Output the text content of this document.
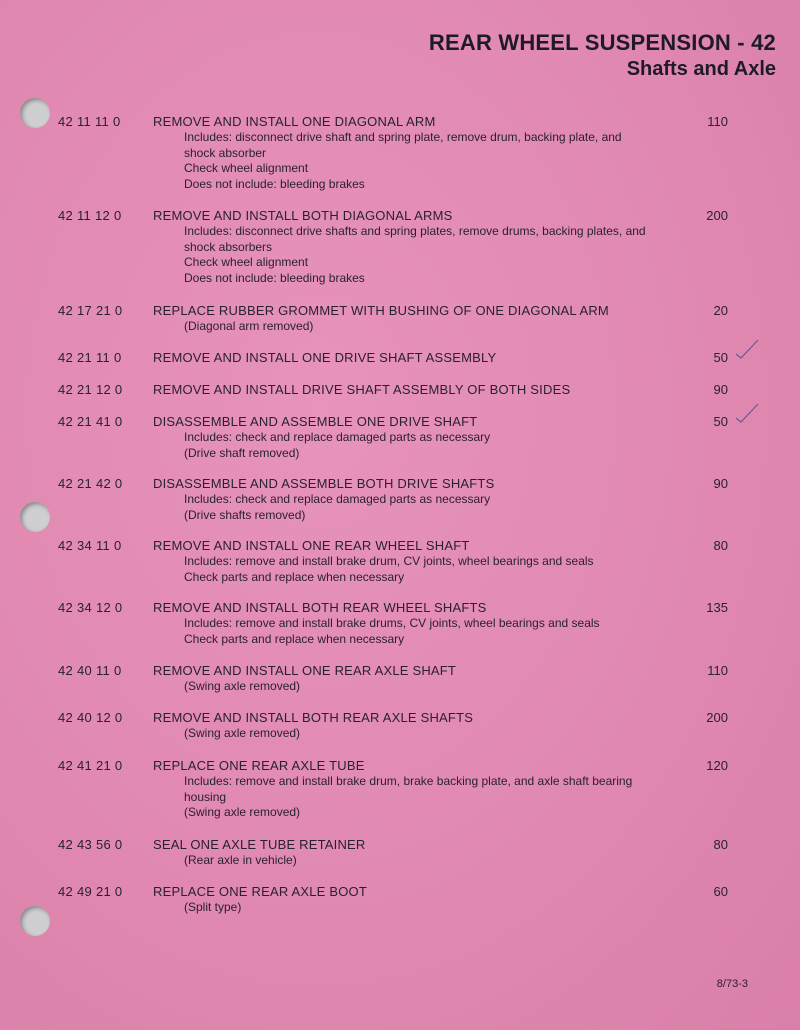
REAR WHEEL SUSPENSION - 42
Shafts and Axle
42 11 11 0 REMOVE AND INSTALL ONE DIAGONAL ARM	110
Includes: disconnect drive shaft and spring plate, remove drum, backing plate, and
shock absorber
Check wheel alignment
Does not include: bleeding brakes
42 11 12 0 REMOVE AND INSTALL BOTH DIAGONAL ARMS	200
Includes: disconnect drive shafts and spring plates, remove drums, backing plates, and
shock absorbers
Check wheel alignment
Does not include: bleeding brakes
42 17 21 0 REPLACE RUBBER GROMMET WITH BUSHING OF ONE DIAGONAL ARM	20
(Diagonal arm removed)
42 21 11 0 REMOVE AND INSTALL ONE DRIVE SHAFT ASSEMBLY	50
42 21 12 0 REMOVE AND INSTALL DRIVE SHAFT ASSEMBLY OF BOTH SIDES	90
42 21 41 0 DISASSEMBLE AND ASSEMBLE ONE DRIVE SHAFT	50
Includes: check and replace damaged parts as necessary
(Drive shaft removed)
42 21 42 0 DISASSEMBLE AND ASSEMBLE BOTH DRIVE SHAFTS	90
Includes: check and replace damaged parts as necessary
(Drive shafts removed)
42 34 11 0 REMOVE AND INSTALL ONE REAR WHEEL SHAFT	80
Includes: remove and install brake drum, CV joints, wheel bearings and seals
Check parts and replace when necessary
42 34 12 0 REMOVE AND INSTALL BOTH REAR WHEEL SHAFTS	135
Includes: remove and install brake drums, CV joints, wheel bearings and seals
Check parts and replace when necessary
42 40 11 0 REMOVE AND INSTALL ONE REAR AXLE SHAFT	110
(Swing axle removed)
42 40 12 0 REMOVE AND INSTALL BOTH REAR AXLE SHAFTS	200
(Swing axle removed)
42 41 21 0 REPLACE ONE REAR AXLE TUBE	120
Includes: remove and install brake drum, brake backing plate, and axle shaft bearing
housing
(Swing axle removed)
42 43 56 0 SEAL ONE AXLE TUBE RETAINER	80
(Rear axle in vehicle)
42 49 21 0 REPLACE ONE REAR AXLE BOOT	60
(Split type)
8/73-3
